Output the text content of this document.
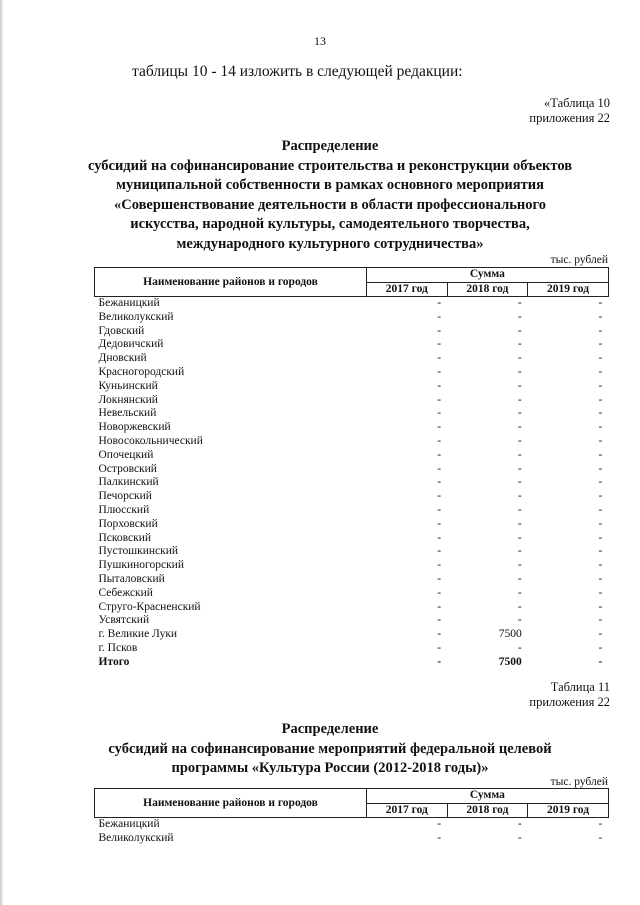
13
таблицы 10 - 14 изложить в следующей редакции:
«Таблица 10
приложения 22
Распределение
субсидий на софинансирование строительства и реконструкции объектов
муниципальной собственности в рамках основного мероприятия
«Совершенствование деятельности в области профессионального
искусства, народной культуры, самодеятельного творчества,
международного культурного сотрудничества»
тыс. рублей
Наименование районов и городов	Сумма		
	2017 год	2018 год	2019 год
Бежаницкий	-	-	-
Великолукский	-	-	-
Гдовский	-	-	-
Дедовичский	-	-	-
Дновский	-	-	-
Красногородский	-	-	-
Куньинский	-	-	-
Локнянский	-	-	-
Невельский	-	-	-
Новоржевский	-	-	-
Новосокольнический	-	-	-
Опочецкий	-	-	-
Островский	-	-	-
Палкинский	-	-	-
Печорский	-	-	-
Плюсский	-	-	-
Порховский	-	-	-
Псковский	-	-	-
Пустошкинский	-	-	-
Пушкиногорский	-	-	-
Пыталовский	-	-	-
Себежский	-	-	-
Струго-Красненский	-	-	-
Усвятский	-	-	-
г. Великие Луки	-	7500	-
г. Псков	-	-	-
Итого	-	7500	-
Таблица 11
приложения 22
Распределение
субсидий на софинансирование мероприятий федеральной целевой
программы «Культура России (2012-2018 годы)»
тыс. рублей
Наименование районов и городов	Сумма		
	2017 год	2018 год	2019 год
Бежаницкий	-	-	-
Великолукский	-	-	-
